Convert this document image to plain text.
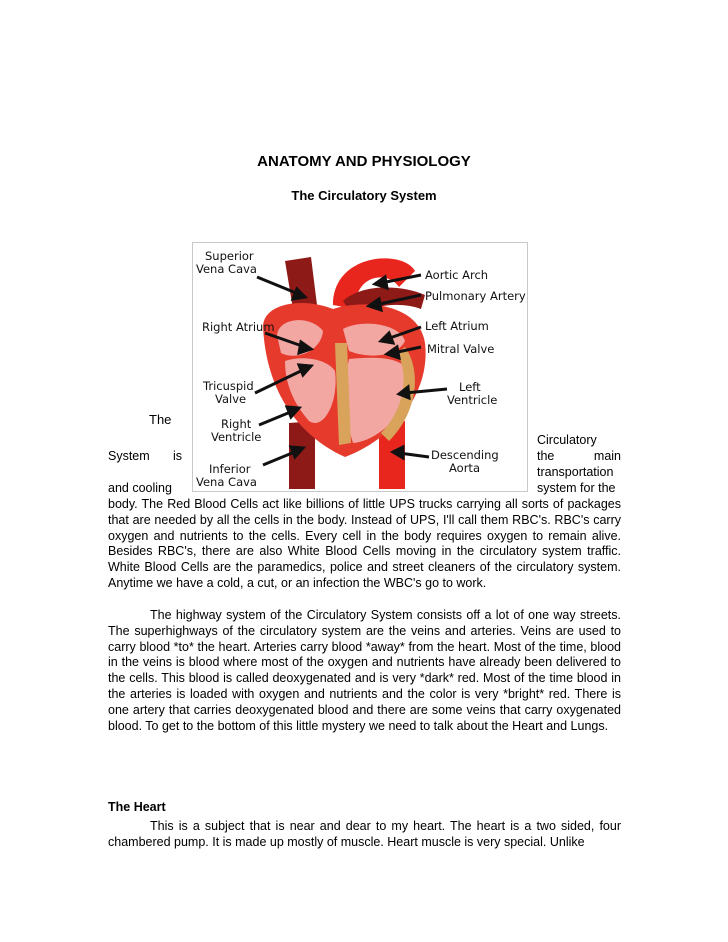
ANATOMY AND PHYSIOLOGY
The Circulatory System
Superior
Vena Cava
Right Atrium
Tricuspid
Valve
Right
Ventricle
Inferior
Vena Cava
Aortic Arch
Pulmonary Artery
Left Atrium
Mitral Valve
Left
Ventricle
Descending
Aorta
The
Circulatory
System is	the	main
transportation
and cooling	system for the

body. The Red Blood Cells act like billions of little UPS trucks carrying all sorts of packages that are needed by all the cells in the body. Instead of UPS, I'll call them RBC's. RBC's carry oxygen and nutrients to the cells. Every cell in the body requires oxygen to remain alive. Besides RBC's, there are also White Blood Cells moving in the circulatory system traffic. White Blood Cells are the paramedics, police and street cleaners of the circulatory system. Anytime we have a cold, a cut, or an infection the WBC's go to work.

The highway system of the Circulatory System consists off a lot of one way streets. The superhighways of the circulatory system are the veins and arteries. Veins are used to carry blood *to* the heart. Arteries carry blood *away* from the heart. Most of the time, blood in the veins is blood where most of the oxygen and nutrients have already been delivered to the cells. This blood is called deoxygenated and is very *dark* red. Most of the time blood in the arteries is loaded with oxygen and nutrients and the color is very *bright* red. There is one artery that carries deoxygenated blood and there are some veins that carry oxygenated blood. To get to the bottom of this little mystery we need to talk about the Heart and Lungs.

The Heart

This is a subject that is near and dear to my heart. The heart is a two sided, four chambered pump. It is made up mostly of muscle. Heart muscle is very special. Unlike
